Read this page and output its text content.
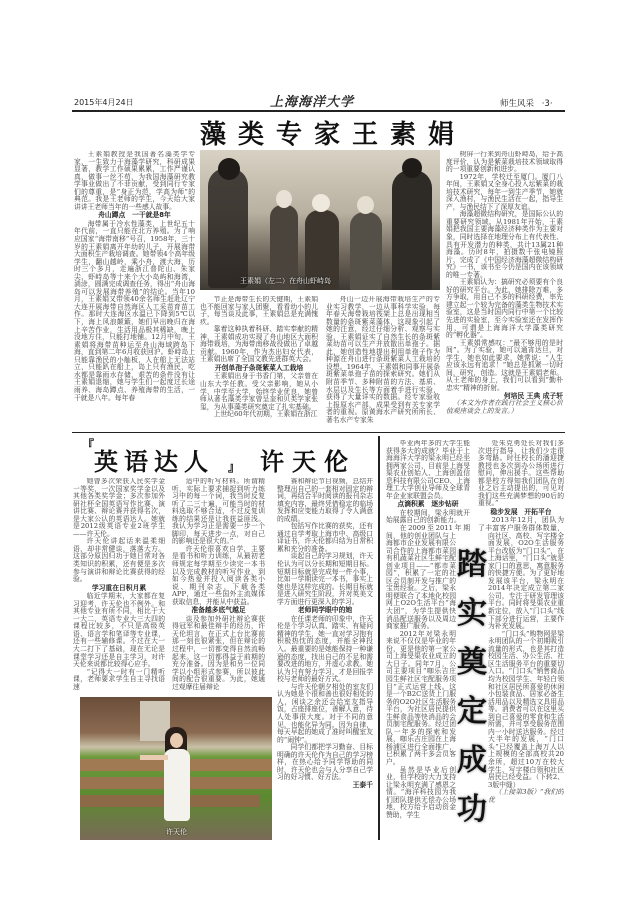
2015年4月24日	上海海洋大学	师生风采 ·3·
藻类专家王素娟

王素娟教授是我国著名藻类学专家，一生致力于海藻学研究，科研成果显著，教学工作硕果累累，工作严谨认真，做事一丝不苟，为我国海藻研究教学事业做出了不菲贡献，受到同行专家们的尊重，是“身正为范，学高为师”的典范。我是王老师的学生，今天给大家讲讲王老师当年的一些感人故事。

舟山蹲点　一干就是8年

海带属于冷水性藻类，上世纪五十年代前，一直只能在北方养殖。为了响应国家“海带南移”号召，1958年，三十岁的王素娟离开年幼的儿子，开展海带大面积生产栽培调查。她带领4个高年级学生，翻山越岭，乘小舟，渡大海，历时三个多月，走遍浙江普陀山、朱家尖、虾峙岛等十来个大小岛屿和海湾，淌涂，圆满完成调查任务，得出“舟山海岛可以发展海带养殖”的结论。当年10月，王素娟又带领40余名师生赶赴辽宁大连开展海带自然海区人工采苗育苗工作。那时大连海区水温已下降到5℃以下，海上风浪颠簸，她们早出晚归在海上辛苦作业，生活用品极其稀缺，晚上没地方住，只能打地铺。12月中旬，王素娟将海带苗种运至舟山海域跨岛下海，直到第二年6月收获回沪。虾峙岛上只能靠渔民的小舢板，人在船上无法站立，只能趴在船上，岛上只有渔民，吃水都是靠雨水存储，艰苦的条件没有让王素娟退缩，她与学生们一起度过长途雨养、海岛蹲点、养殖海带的生活，一干就是八年。每年春

王素娟（左二）在舟山虾峙岛

节正是海带生长的关键期，王素娟也不能回家与家人团聚，看看幼小的儿子，每当谈及此事，王素娟总是充满愧疚。

靠着这种执着科研、踏实奉献的精神，王素娟成功实现了舟山地区大面积海带栽培，为海带南移战役做出了卓越贡献。1960年，作为杰出妇女代表，王素娟出席了全国文教先进群英大会。

开创单孢子条斑紫菜人工栽培

王素娟出身于书香门第，父亲曾在山东大学任教。受父亲影响，她从小学、中学至大学，始终学业优良，她曾师从著名藻类学家曾呈奎和贝类学家张玺，为从事藻类研究奠定了扎实基础。

上世纪60年代初期，王素娟在浙江

舟山一边开展海带栽培生产的专业实习教学，一边从事科学实验，每年春天海带栽培筏架上总是出现相当数量的条斑紫菜藻体，这现象引起了她的注意，经过仔细分析、观察与实验，王素娟证实了自然生长的条斑紫菜幼苗可以生产并放散出单孢子。据此，她创造性地提出利用单孢子作为种源在舟山进行条斑紫菜人工栽培的设想。1964年，王素娟和同事开展条斑紫菜单孢子苗的探索研究。她们从附苗季节、多种附苗的方法、基质、水层以及生长等方面着手进行实验，获得了大量详实的数据。经专家验收上报原水产部，成果受到有关专家学者的重视。原黄海水产研究所所长、著名水产专家朱

树屏一行来到舟山虾峙岛，给予高度评价，认为是紫菜栽培技术领域取得的一项重要创新和进步。

1972年，学校迁至厦门。厦门八年间，王素娟又全身心投入坛紫菜的栽培技术研究，每年一到生产季节，她就深入渔村，与渔民生活在一起，指导生产，与渔民结下了深厚友谊。

海藻超微结构研究，是国际公认的重要研究领域。从1981年开始，王素娟把我国主要海藻经济种类作为主要对象，同时选择在地理分布上有代表性、具有开发潜力的种类，共计13属21种海藻。历时8年，拍摄数千张电镜照片，完成了《中国经济海藻超微结构研究》一书，该书至今仍是国内在该领域的唯一专著。

王素娟认为：搞研究必须要有个良好的研究平台。为此，她排除万难，多方争取，用自己不多的科研经费，率先建立起一个较为完备的藻类生物技术实验室，这是当时国内同行中第一个比较先进的实验室，至今实验室还在发挥作用，可谓是上海海洋大学藻类研究的“孵化器”。

王素娟常感叹：“最不够用的是时间”。为了实验，她可以通宵达旦，对学生，她也如此要求，她常说：“人生应该永远有追求！”她总是抓紧一切时间，研究，创造。这就是王素娟老师。从王老师的身上，我们可以看到“勤朴忠实”精神的折射。

何培民 王典 成子轩

（本文为作者在践行社会主义核心价值观座谈会上的发言。）

『
英语达人 』 许天伦

她曾多次荣获人民奖学金一等奖，一次国家奖学金以及其他各类奖学金；多次参加外研社杯全国英语写作比赛、演讲比赛、辩论赛并获得名次，是大家公认的英语达人。她就是2012级英语专业2班学生——许天伦。

许天伦讲起话来温柔细语，却非常健谈，落落大方。这部分原因归功于她日常对各类知识的积累，还有便是多次参与演讲和辩论比赛获得的经验。

学习重在日积月累

临近学期末，大家都在复习迎考，许天伦也不例外。和其他专业有所不同，相比于大一大二，英语专业大三大四的课程比较多，不只是高级英语、语言学和笔译等专业课，还有一些辅修课。不过在大一大二打下了基础，现在无论是课堂学习还是自主学习，对许天伦来说都比较得心应手。

“记得大一时有一门精听课，老师要求学生自主寻找语速

适中的听写材料。所谓精听，实际上要求捕捉到听力练习中的每一个词，我当时反复听了二三十遍，可能当时的材料选取不够合适，不过反复训练的结果还是让我获益匪浅。我认为学习正是需要一步一个脚印，每天进步一点，对自己的影响还是很大的。”

许天伦很喜欢自学，主要是看书和听力训练，从最初老师规定每学期至少读完一本书以及完成教材的听写作业，到如今热爱并投入阅读各类小说、期刊杂志，下载各类APP，通过一些国外主流媒体获取信息，并能从中获益。

准备越多底气越足

谈及参加外研社辩论赛获得冠军和最佳辩手的经历，许天伦坦言，在正式上台比赛前那一刻也很紧张，但在辩论的过程中，一切都变得自然流畅起来。这一切都得益于前期的充分准备。因为是和另一位同学以小组形式参赛，所以彼此间的配合很重要。为此，她通过观摩往届辩论

赛和辩论节目视频，总结并整理出自己的一套相对固定的辩词，再结合平时阅读的报刊杂志填充内容，最终凭借稳定的临场发挥和应变能力取得了令人满意的成绩。

包括写作比赛的获奖，还有通过自学考取上海市中、高级口译证书，许天伦都归结为日常积累和充分的准备。

谈起自己的学习规划，许天伦认为可以分长期和短期目标。短期目标就是完成每一件小事，比如一学期读完一本书，事实上她也是这样完成的。长期目标就是进入研究生阶段，并对英美文学方面进行更深入的学习。

老师同学眼中的她

在任课老师的印象中，许天伦是个学习认真、踏实、有疑问精神的学生，她一直对学习抱有积极热忱的态度，并能全神投入。最重要的是她能保持一种谦逊的态度，找出自己的不足和需要改进的地方，并虚心求教。她认为只有努力学习，才是回报学校与老师的最好方式。

与许天伦朝夕相处的室友们认为她是个很和善也很好相处的人，闲谈之余还会给室友指导饭，占座排座位，善解人意，待人处事很大度。对于不同的意见，也能化异为同。因为自律，每天早起的她成了准时叫醒室友的“闹钟”。

同学们都把学习勤奋、目标明确的许天伦作为自己的学习榜样，在热心给予同学帮助的同时，许天伦也会与人分享自己学习的好习惯、好方法。

王泰千

许天伦

毕业两年多的大学生能获得多大的成就？毕业于上海海洋大学的梁永明已经坐拥两家公司，目前是上海旻渠农业创始人、上海创盈信息科技有限公司CEO、上海理工大学创业导师及全球青年企业家联盟会员。

点滴积累　逐步钻研

在校期间，梁永明就开始展露自己的创新能力。

在2009至2011年期间，他的创业团队与上海都市企业发展有限公司合作的上海都市菜园有机蔬菜社区生鲜宅配创业项目——“都市菜园”，积累了一定的社区会员制开发与推广的宝贵经验。之后，梁永明便联合了本地化校园网上O2O生活平台“海大团”，为学生提供快消品配送服务以及周边商家推广服务。

2012年对梁永明来说不仅仅是毕业的年份，更是他的第一家公司上海旻渠农业成立的大日子。同年7月，公司主要项目“咖乐吉庄园生鲜社区宅配服务项目”正式运营上线。这是一个B2C送货上门服务的O2O社区生活服务平台，为社区居民提供生鲜食品等快消品的会员制宅配服务。经过团队一年多的探索和发展，咖乐吉庄园在上海杨浦区进行全面推广，已积累了两千多会员客户。

虽然是毕业后创业，但学校的大力支持让梁永明充满了感恩之情。“海洋科技园为我们团队提供无偿办公场地，校方给予启动资金赞助，学生

处朱克勇处长对我们多次进行指导，让我们少走很多弯路。时任校长的潘迎捷教授也多次到办公场所进行慰问，伸出援手。这些帮助都是校方得知我们团队在创业之后主动提出的，可见对我们这些充满梦想的90后的重视。”

稳步发展　开拓平台

2013年12月，团队为了丰富客户服务群体数量，向社区、高校、写字楼全面发展，O2O生活服务平台改版为“门口头”，在上海话里，“门口头”就是家门口的意思，寓意服务的快捷方便。为了更好地发展该平台，梁永明在2014年决定成立第二家公司，专注于研发管理该平台。同时将旻渠农业重新定位，放入“门口头”线下部分进行运营，主要作为补充发展。

“门口头”购物网是梁永明团队的一个初期吸引流量的形式，也是其打造校园生活、办公生活、社区生活服务平台的重要切入口。“门口头”销售商品均为校园学生、年轻白领和社区居民所喜爱的休闲小包装食品、居家必备生活用品以及精选文具用品等。消费者可以在这里买到自己喜爱的零食和生活所需，并可享受服务范围内一小时送达服务。经过大半年的发展，“门口头”已经覆盖上海万人以上规模的全部高校共20余所，超过10万在校大学生、写字楼白领和社区居民已经受益。（下转2、3版中缝）

（上接第3版）“我们的优

踏
实
奠
定
成
功
